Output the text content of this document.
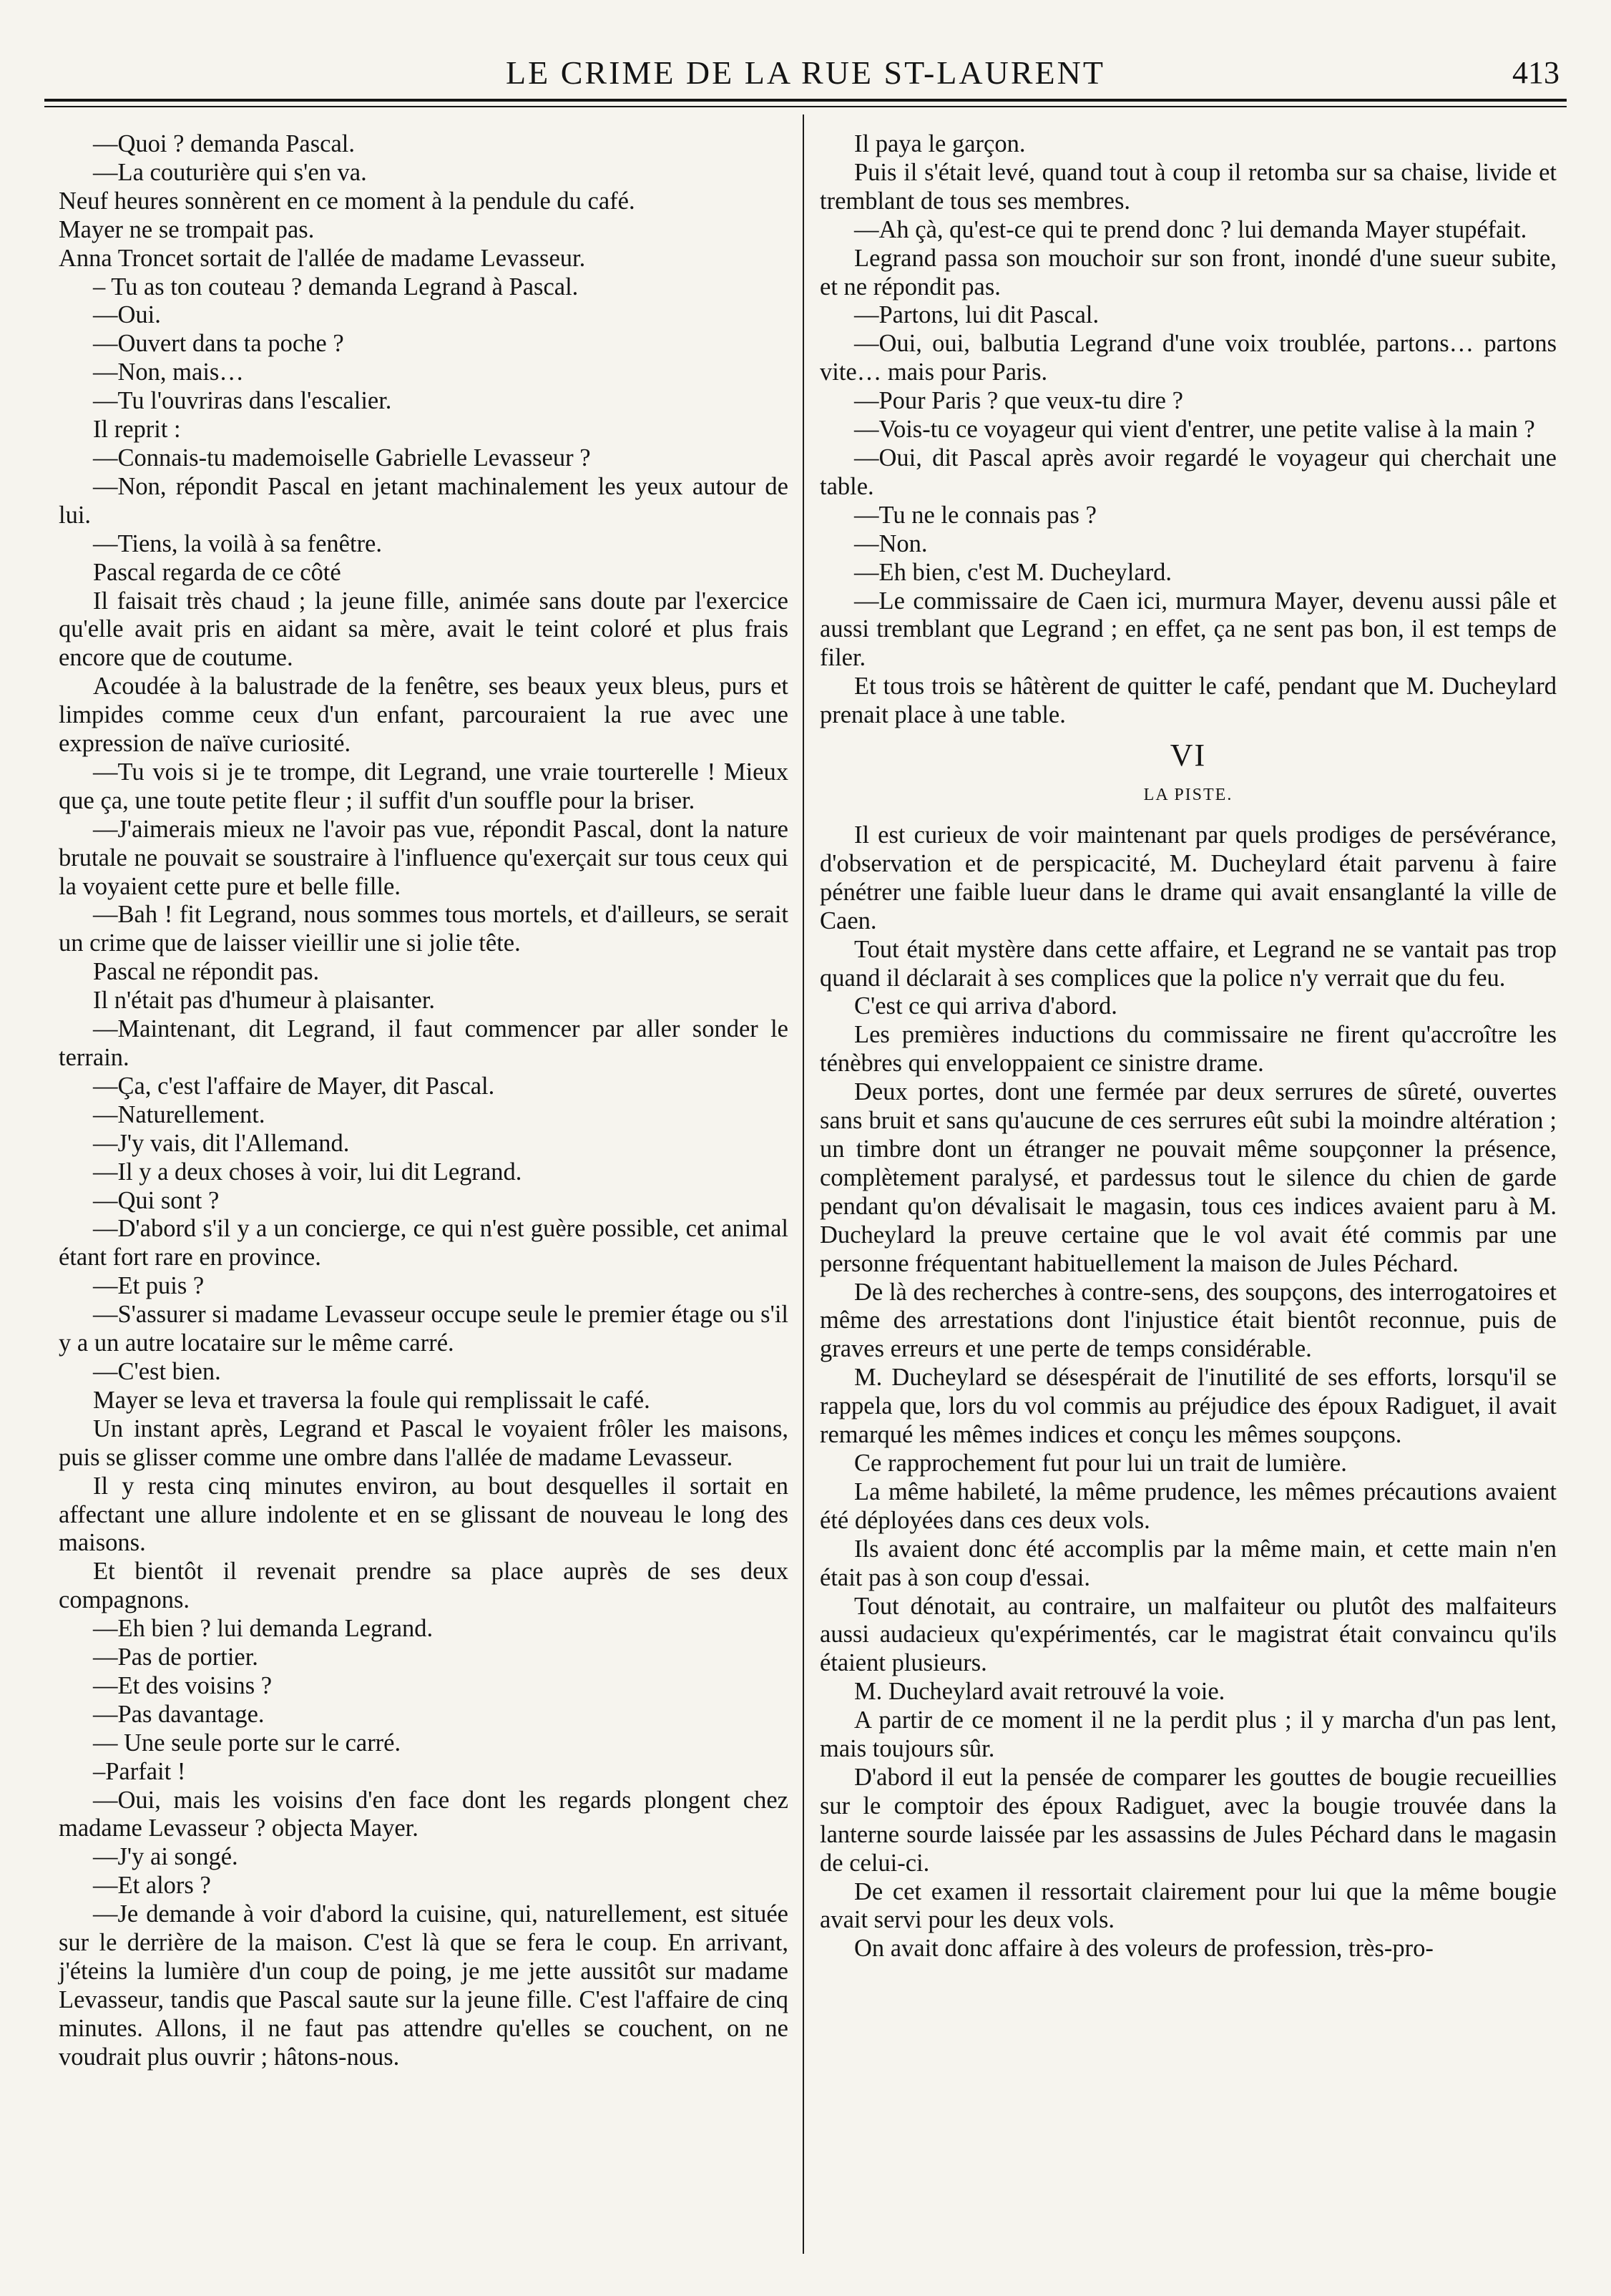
LE CRIME DE LA RUE ST-LAURENT	413

—Quoi ? demanda Pascal.

—La couturière qui s'en va.

Neuf heures sonnèrent en ce moment à la pendule du café.

Mayer ne se trompait pas.

Anna Troncet sortait de l'allée de madame Levasseur.

– Tu as ton couteau ? demanda Legrand à Pascal.

—Oui.

—Ouvert dans ta poche ?

—Non, mais…

—Tu l'ouvriras dans l'escalier.

Il reprit :

—Connais-tu mademoiselle Gabrielle Levasseur ?

—Non, répondit Pascal en jetant machinalement les yeux autour de lui.

—Tiens, la voilà à sa fenêtre.

Pascal regarda de ce côté

Il faisait très chaud ; la jeune fille, animée sans doute par l'exercice qu'elle avait pris en aidant sa mère, avait le teint coloré et plus frais encore que de coutume.

Acoudée à la balustrade de la fenêtre, ses beaux yeux bleus, purs et limpides comme ceux d'un enfant, parcouraient la rue avec une expression de naïve curiosité.

—Tu vois si je te trompe, dit Legrand, une vraie tourterelle ! Mieux que ça, une toute petite fleur ; il suffit d'un souffle pour la briser.

—J'aimerais mieux ne l'avoir pas vue, répondit Pascal, dont la nature brutale ne pouvait se soustraire à l'influence qu'exerçait sur tous ceux qui la voyaient cette pure et belle fille.

—Bah ! fit Legrand, nous sommes tous mortels, et d'ailleurs, se serait un crime que de laisser vieillir une si jolie tête.

Pascal ne répondit pas.

Il n'était pas d'humeur à plaisanter.

—Maintenant, dit Legrand, il faut commencer par aller sonder le terrain.

—Ça, c'est l'affaire de Mayer, dit Pascal.

—Naturellement.

—J'y vais, dit l'Allemand.

—Il y a deux choses à voir, lui dit Legrand.

—Qui sont ?

—D'abord s'il y a un concierge, ce qui n'est guère possible, cet animal étant fort rare en province.

—Et puis ?

—S'assurer si madame Levasseur occupe seule le premier étage ou s'il y a un autre locataire sur le même carré.

—C'est bien.

Mayer se leva et traversa la foule qui remplissait le café.

Un instant après, Legrand et Pascal le voyaient frôler les maisons, puis se glisser comme une ombre dans l'allée de madame Levasseur.

Il y resta cinq minutes environ, au bout desquelles il sortait en affectant une allure indolente et en se glissant de nouveau le long des maisons.

Et bientôt il revenait prendre sa place auprès de ses deux compagnons.

—Eh bien ? lui demanda Legrand.

—Pas de portier.

—Et des voisins ?

—Pas davantage.

— Une seule porte sur le carré.

–Parfait !

—Oui, mais les voisins d'en face dont les regards plongent chez madame Levasseur ? objecta Mayer.

—J'y ai songé.

—Et alors ?

—Je demande à voir d'abord la cuisine, qui, naturellement, est située sur le derrière de la maison. C'est là que se fera le coup. En arrivant, j'éteins la lumière d'un coup de poing, je me jette aussitôt sur madame Levasseur, tandis que Pascal saute sur la jeune fille. C'est l'affaire de cinq minutes. Allons, il ne faut pas attendre qu'elles se couchent, on ne voudrait plus ouvrir ; hâtons-nous.

Il paya le garçon.

Puis il s'était levé, quand tout à coup il retomba sur sa chaise, livide et tremblant de tous ses membres.

—Ah çà, qu'est-ce qui te prend donc ? lui demanda Mayer stupéfait.

Legrand passa son mouchoir sur son front, inondé d'une sueur subite, et ne répondit pas.

—Partons, lui dit Pascal.

—Oui, oui, balbutia Legrand d'une voix troublée, partons… partons vite… mais pour Paris.

—Pour Paris ? que veux-tu dire ?

—Vois-tu ce voyageur qui vient d'entrer, une petite valise à la main ?

—Oui, dit Pascal après avoir regardé le voyageur qui cherchait une table.

—Tu ne le connais pas ?

—Non.

—Eh bien, c'est M. Ducheylard.

—Le commissaire de Caen ici, murmura Mayer, devenu aussi pâle et aussi tremblant que Legrand ; en effet, ça ne sent pas bon, il est temps de filer.

Et tous trois se hâtèrent de quitter le café, pendant que M. Ducheylard prenait place à une table.

VI
LA PISTE.

Il est curieux de voir maintenant par quels prodiges de persévérance, d'observation et de perspicacité, M. Ducheylard était parvenu à faire pénétrer une faible lueur dans le drame qui avait ensanglanté la ville de Caen.

Tout était mystère dans cette affaire, et Legrand ne se vantait pas trop quand il déclarait à ses complices que la police n'y verrait que du feu.

C'est ce qui arriva d'abord.

Les premières inductions du commissaire ne firent qu'accroître les ténèbres qui enveloppaient ce sinistre drame.

Deux portes, dont une fermée par deux serrures de sûreté, ouvertes sans bruit et sans qu'aucune de ces serrures eût subi la moindre altération ; un timbre dont un étranger ne pouvait même soupçonner la présence, complètement paralysé, et pardessus tout le silence du chien de garde pendant qu'on dévalisait le magasin, tous ces indices avaient paru à M. Ducheylard la preuve certaine que le vol avait été commis par une personne fréquentant habituellement la maison de Jules Péchard.

De là des recherches à contre-sens, des soupçons, des interrogatoires et même des arrestations dont l'injustice était bientôt reconnue, puis de graves erreurs et une perte de temps considérable.

M. Ducheylard se désespérait de l'inutilité de ses efforts, lorsqu'il se rappela que, lors du vol commis au préjudice des époux Radiguet, il avait remarqué les mêmes indices et conçu les mêmes soupçons.

Ce rapprochement fut pour lui un trait de lumière.

La même habileté, la même prudence, les mêmes précautions avaient été déployées dans ces deux vols.

Ils avaient donc été accomplis par la même main, et cette main n'en était pas à son coup d'essai.

Tout dénotait, au contraire, un malfaiteur ou plutôt des malfaiteurs aussi audacieux qu'expérimentés, car le magistrat était convaincu qu'ils étaient plusieurs.

M. Ducheylard avait retrouvé la voie.

A partir de ce moment il ne la perdit plus ; il y marcha d'un pas lent, mais toujours sûr.

D'abord il eut la pensée de comparer les gouttes de bougie recueillies sur le comptoir des époux Radiguet, avec la bougie trouvée dans la lanterne sourde laissée par les assassins de Jules Péchard dans le magasin de celui-ci.

De cet examen il ressortait clairement pour lui que la même bougie avait servi pour les deux vols.

On avait donc affaire à des voleurs de profession, très-pro-
